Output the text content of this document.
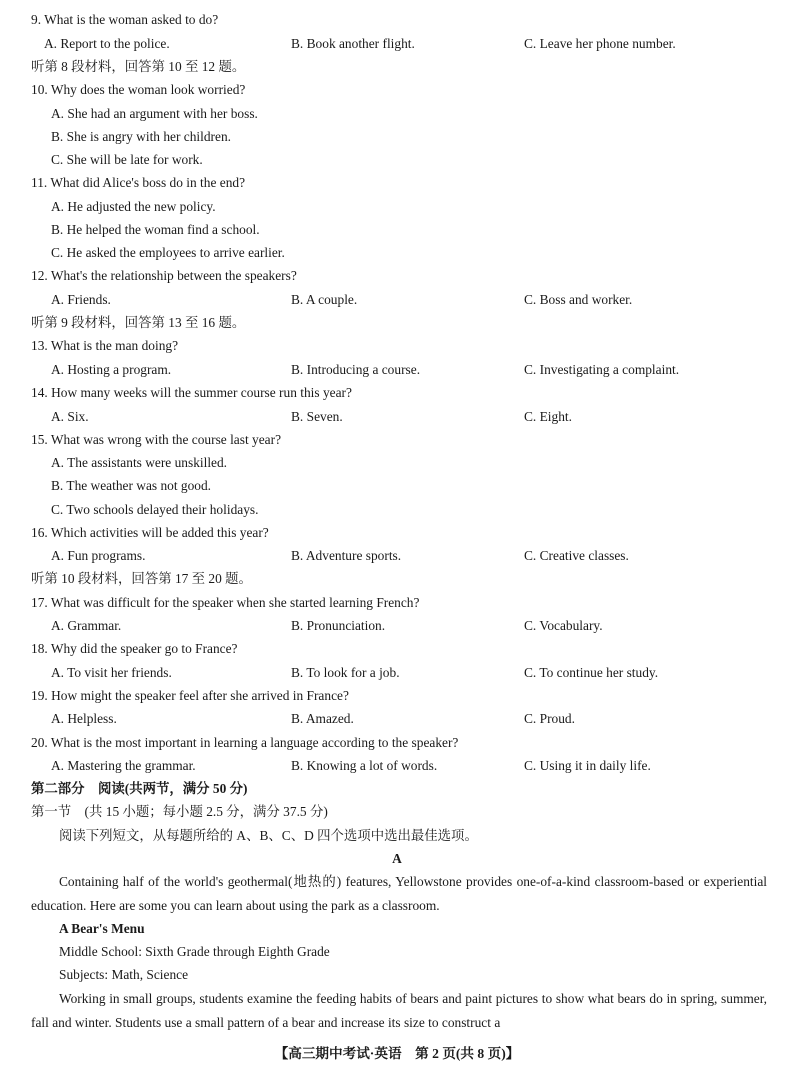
9. What is the woman asked to do?
A. Report to the police.	B. Book another flight.	C. Leave her phone number.
听第 8 段材料，回答第 10 至 12 题。
10. Why does the woman look worried?
A. She had an argument with her boss.
B. She is angry with her children.
C. She will be late for work.
11. What did Alice's boss do in the end?
A. He adjusted the new policy.
B. He helped the woman find a school.
C. He asked the employees to arrive earlier.
12. What's the relationship between the speakers?
A. Friends.	B. A couple.	C. Boss and worker.
听第 9 段材料，回答第 13 至 16 题。
13. What is the man doing?
A. Hosting a program.	B. Introducing a course.	C. Investigating a complaint.
14. How many weeks will the summer course run this year?
A. Six.	B. Seven.	C. Eight.
15. What was wrong with the course last year?
A. The assistants were unskilled.
B. The weather was not good.
C. Two schools delayed their holidays.
16. Which activities will be added this year?
A. Fun programs.	B. Adventure sports.	C. Creative classes.
听第 10 段材料，回答第 17 至 20 题。
17. What was difficult for the speaker when she started learning French?
A. Grammar.	B. Pronunciation.	C. Vocabulary.
18. Why did the speaker go to France?
A. To visit her friends.	B. To look for a job.	C. To continue her study.
19. How might the speaker feel after she arrived in France?
A. Helpless.	B. Amazed.	C. Proud.
20. What is the most important in learning a language according to the speaker?
A. Mastering the grammar.	B. Knowing a lot of words.	C. Using it in daily life.
第二部分　阅读(共两节，满分 50 分)
第一节　(共 15 小题；每小题 2.5 分，满分 37.5 分)
阅读下列短文，从每题所给的 A、B、C、D 四个选项中选出最佳选项。
A
Containing half of the world's geothermal(地热的) features, Yellowstone provides one-of-a-kind classroom-based or experiential education. Here are some you can learn about using the park as a classroom.
A Bear's Menu
Middle School: Sixth Grade through Eighth Grade
Subjects: Math, Science
Working in small groups, students examine the feeding habits of bears and paint pictures to show what bears do in spring, summer, fall and winter. Students use a small pattern of a bear and increase its size to construct a
【高三期中考试·英语　第 2 页(共 8 页)】
